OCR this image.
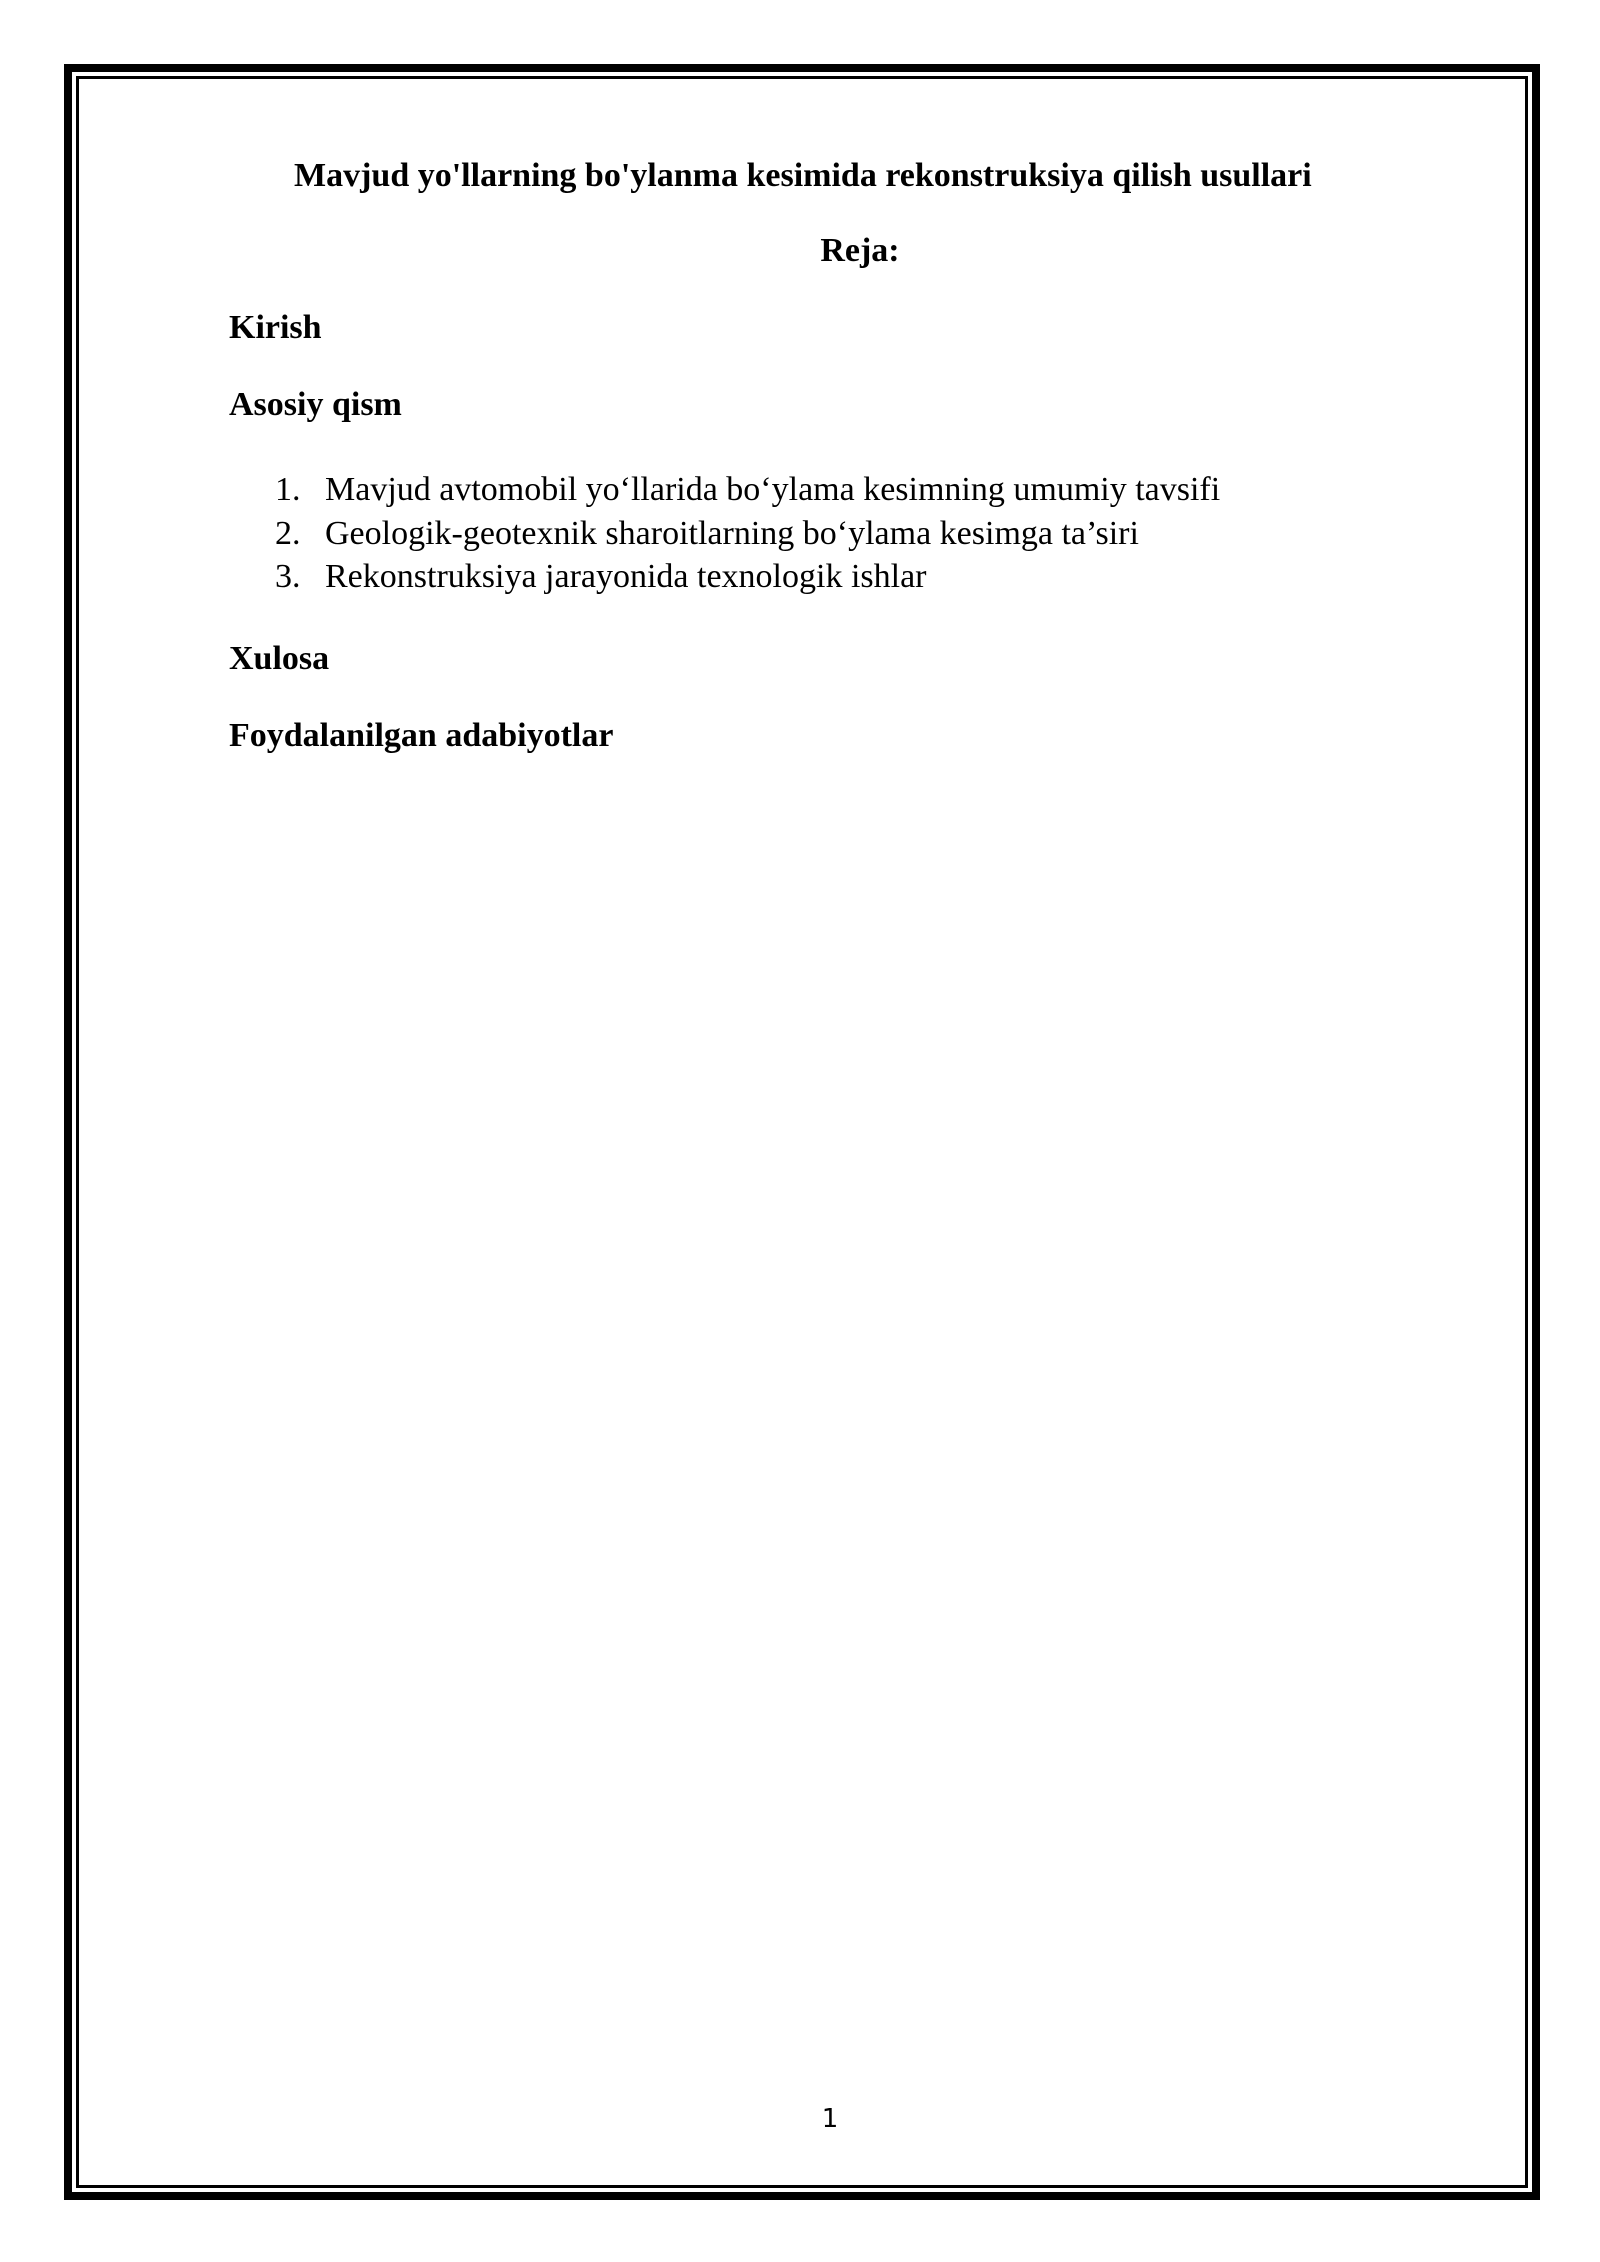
Mavjud yo'llarning bo'ylanma kesimida rekonstruksiya qilish usullari
Reja:
Kirish
Asosiy qism
1. Mavjud avtomobil yo‘llarida bo‘ylama kesimning umumiy tavsifi
2. Geologik-geotexnik sharoitlarning bo‘ylama kesimga ta’siri
3. Rekonstruksiya jarayonida texnologik ishlar
Xulosa
Foydalanilgan adabiyotlar

1
